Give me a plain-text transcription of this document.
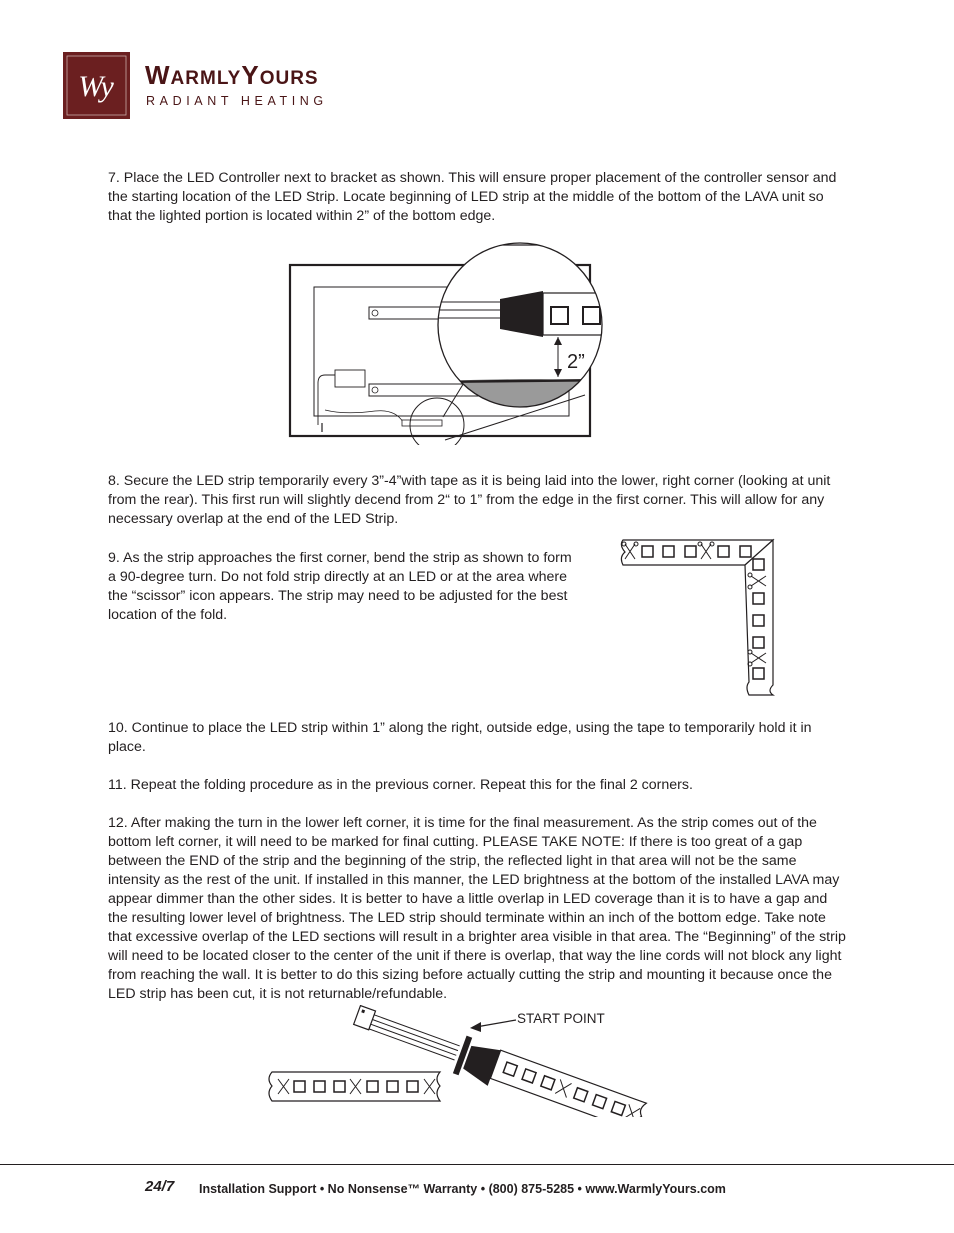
Wy WARMLYYOURS
RADIANT HEATING

7. Place the LED Controller next to bracket as shown. This will ensure proper placement of the controller sensor and the starting location of the LED Strip. Locate beginning of LED strip at the middle of the bottom of the LAVA unit so that the lighted portion is located within 2” of the bottom edge.

2”

8. Secure the LED strip temporarily every 3”-4”with tape as it is being laid into the lower, right corner (looking at unit from the rear). This first run will slightly decend from 2“ to 1” from the edge in the first corner. This will allow for any necessary overlap at the end of the LED Strip.

9. As the strip approaches the first corner, bend the strip as shown to form a 90-degree turn. Do not fold strip directly at an LED or at the area where the “scissor” icon appears. The strip may need to be adjusted for the best location of the fold.

10. Continue to place the LED strip within 1” along the right, outside edge, using the tape to temporarily hold it in place.

11. Repeat the folding procedure as in the previous corner. Repeat this for the final 2 corners.

12. After making the turn in the lower left corner, it is time for the final measurement. As the strip comes out of the bottom left corner, it will need to be marked for final cutting. PLEASE TAKE NOTE: If there is too great of a gap between the END of the strip and the beginning of the strip, the reflected light in that area will not be the same intensity as the rest of the unit. If installed in this manner, the LED brightness at the bottom of the installed LAVA may appear dimmer than the other sides. It is better to have a little overlap in LED coverage than it is to have a gap and the resulting lower level of brightness. The LED strip should terminate within an inch of the bottom edge. Take note that excessive overlap of the LED sections will result in a brighter area visible in that area. The “Beginning” of the strip will need to be located closer to the center of the unit if there is overlap, that way the line cords will not block any light from reaching the wall. It is better to do this sizing before actually cutting the strip and mounting it because once the LED strip has been cut, it is not returnable/refundable.

START POINT
24/7 Installation Support • No Nonsense™ Warranty • (800) 875-5285 • www.WarmlyYours.com
